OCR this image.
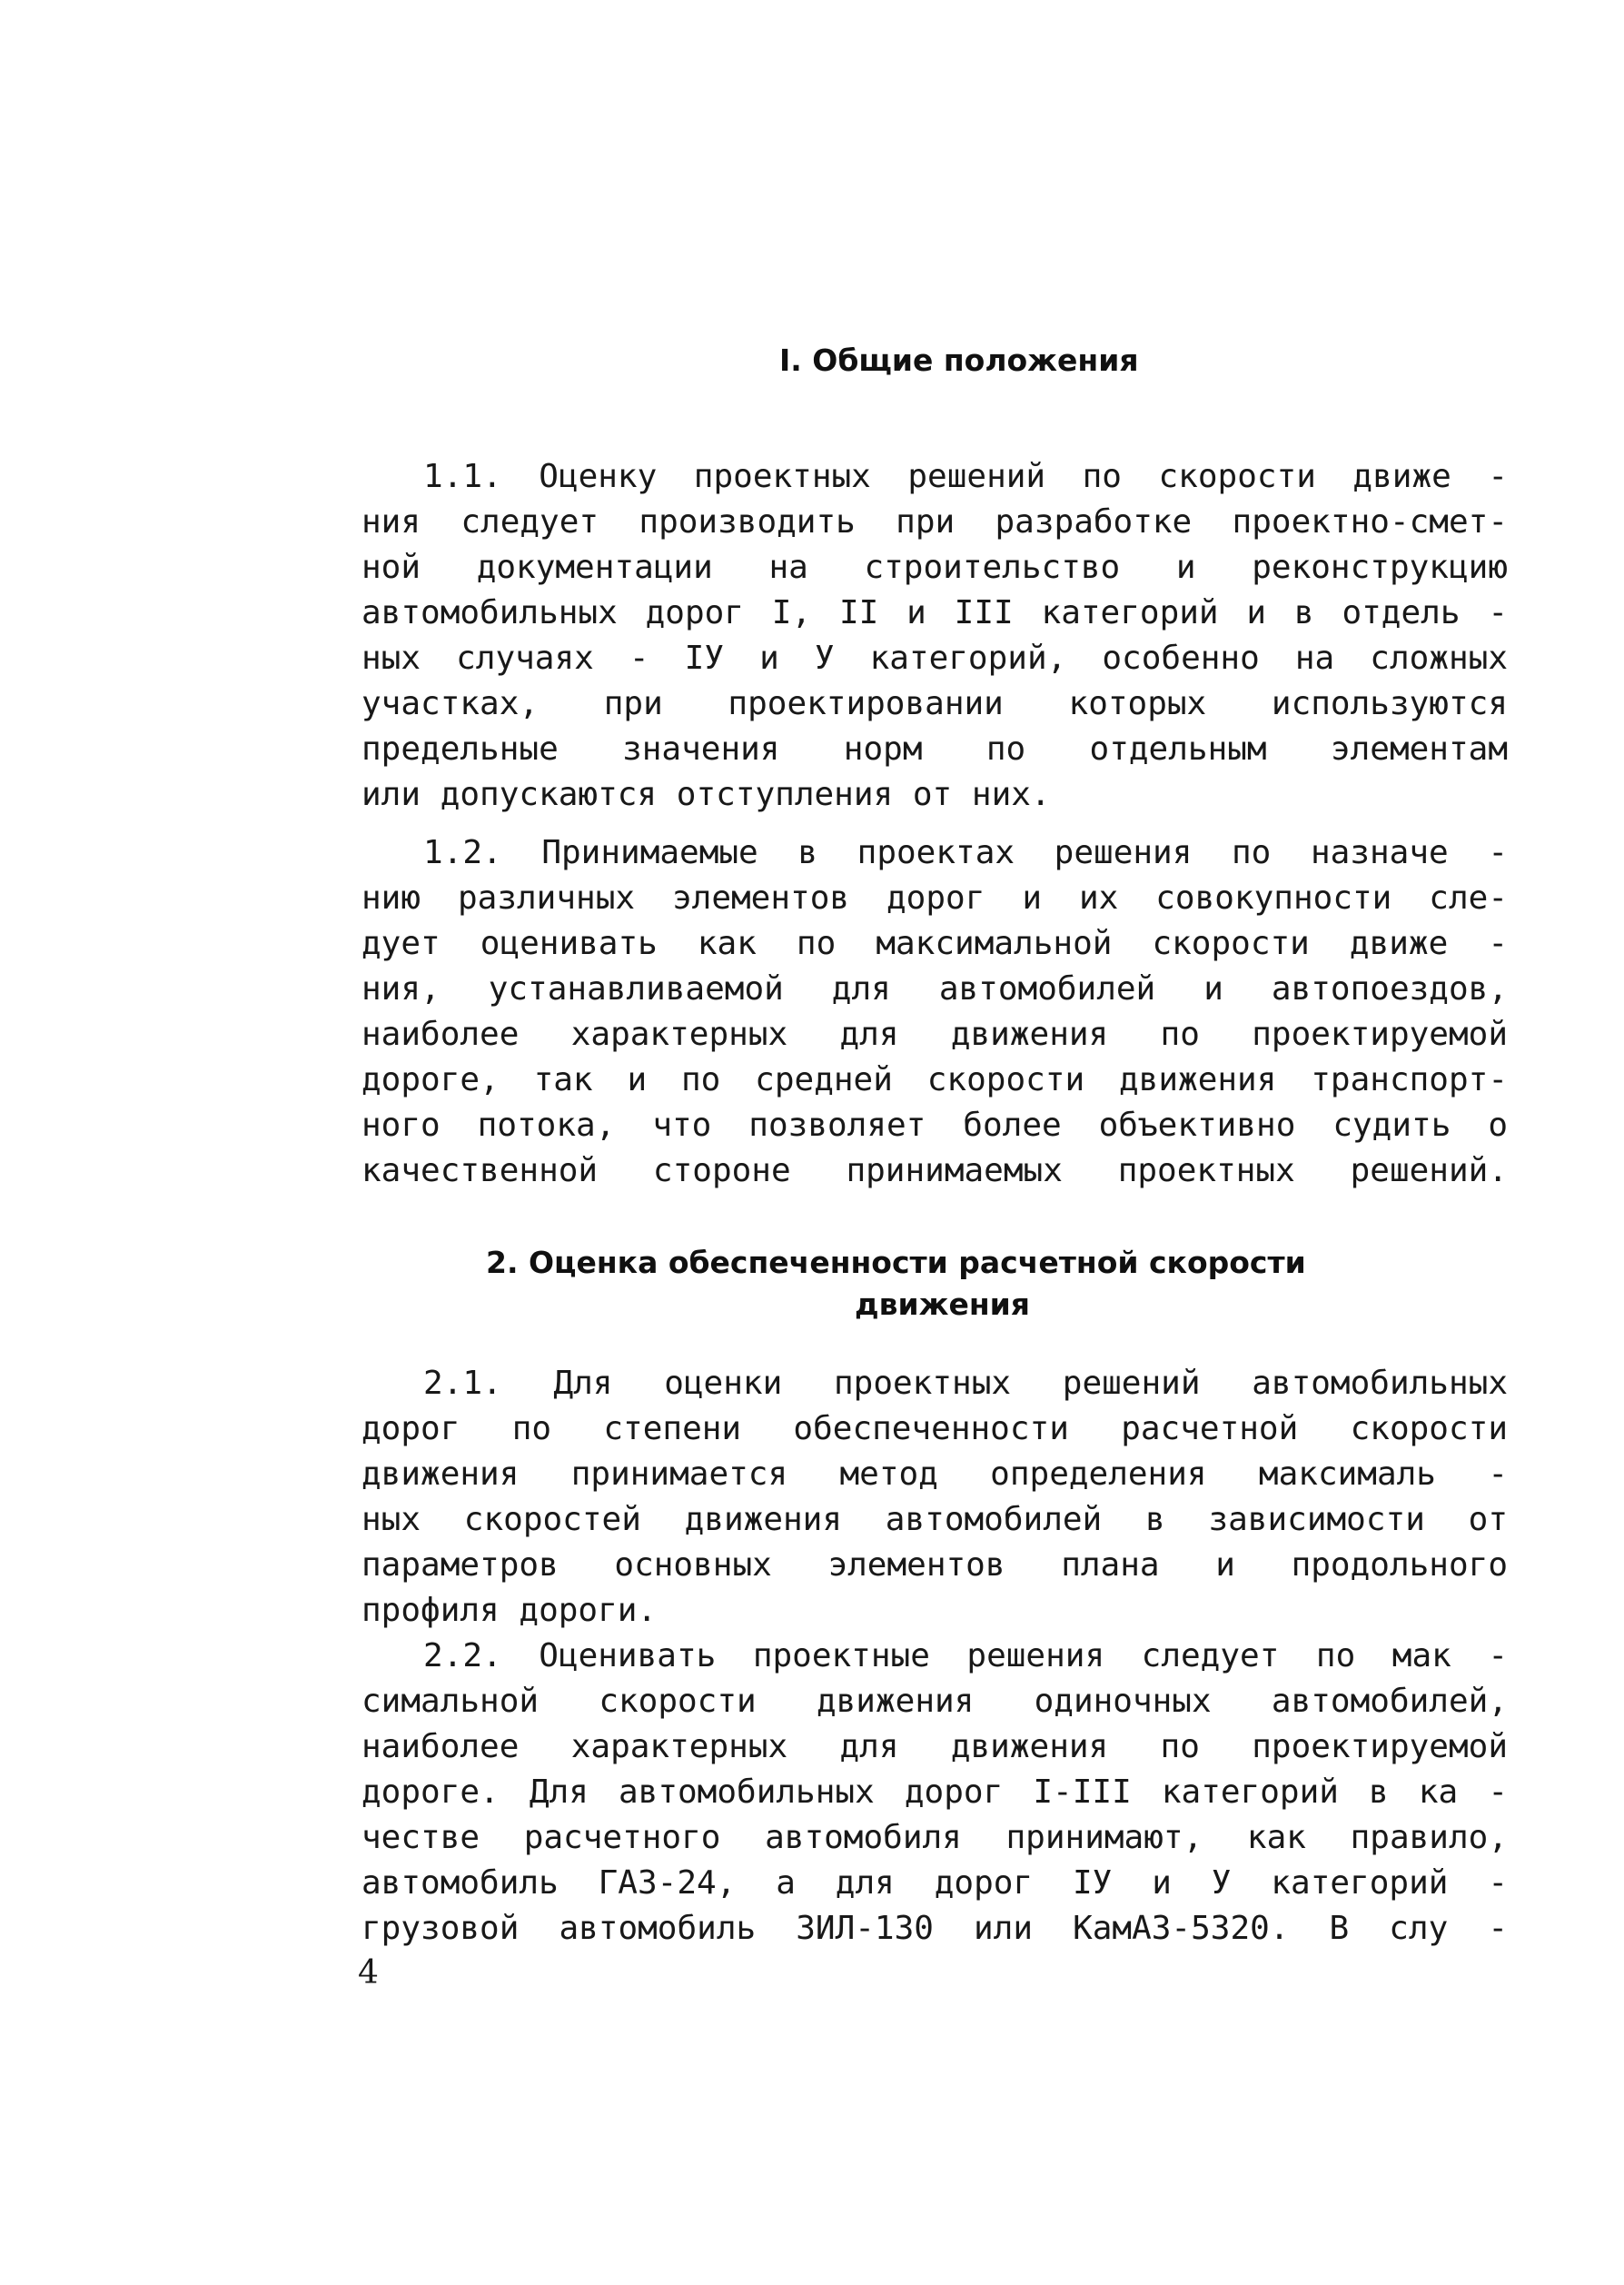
I. Общие положения

1.1. Оценку проектных решений по скорости движе -

ния следует производить при разработке проектно-смет-

ной документации на строительство и реконструкцию

автомобильных дорог I, II и III категорий и в отдель -

ных случаях - IУ и У категорий, особенно на сложных

участках, при проектировании которых используются

предельные значения норм по отдельным элементам

или допускаются отступления от них.

1.2. Принимаемые в проектах решения по назначе -

нию различных элементов дорог и их совокупности сле-

дует оценивать как по максимальной скорости движе -

ния, устанавливаемой для автомобилей и автопоездов,

наиболее характерных для движения по проектируемой

дороге, так и по средней скорости движения транспорт-

ного потока, что позволяет более объективно судить о

качественной стороне принимаемых проектных решений.

2. Оценка обеспеченности расчетной скорости
движения

2.1. Для оценки проектных решений автомобильных

дорог по степени обеспеченности расчетной скорости

движения принимается метод определения максималь -

ных скоростей движения автомобилей в зависимости от

параметров основных элементов плана и продольного

профиля дороги.

2.2. Оценивать проектные решения следует по мак -

симальной скорости движения одиночных автомобилей,

наиболее характерных для движения по проектируемой

дороге. Для автомобильных дорог I-III категорий в ка -

честве расчетного автомобиля принимают, как правило,

автомобиль ГАЗ-24, а для дорог IУ и У категорий -

грузовой автомобиль ЗИЛ-130 или КамАЗ-5320. В слу -

4
